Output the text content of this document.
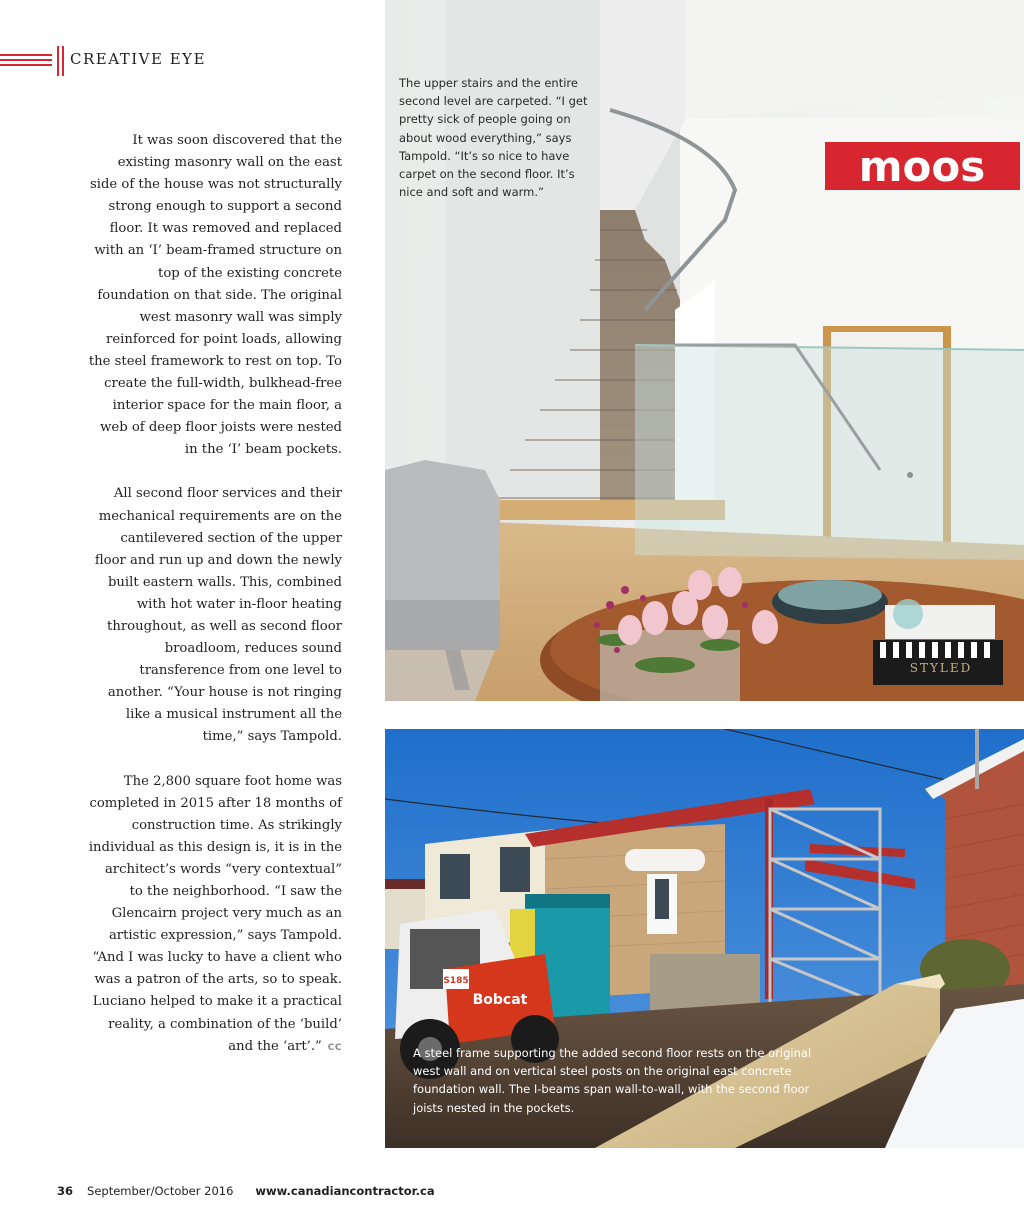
CREATIVE EYE

It was soon discovered that the existing masonry wall on the east side of the house was not structurally strong enough to support a second floor. It was removed and replaced with an ‘I’ beam-framed structure on top of the existing concrete foundation on that side. The original west masonry wall was simply reinforced for point loads, allowing the steel framework to rest on top. To create the full-width, bulkhead-free interior space for the main floor, a web of deep floor joists were nested in the ‘I’ beam pockets.

All second floor services and their mechanical requirements are on the cantilevered section of the upper floor and run up and down the newly built eastern walls. This, combined with hot water in-floor heating throughout, as well as second floor broadloom, reduces sound transference from one level to another. “Your house is not ringing like a musical instrument all the time,” says Tampold.

The 2,800 square foot home was completed in 2015 after 18 months of construction time. As strikingly individual as this design is, it is in the architect’s words “very contextual” to the neighborhood. “I saw the Glencairn project very much as an artistic expression,” says Tampold. “And I was lucky to have a client who was a patron of the arts, so to speak. Luciano helped to make it a practical reality, a combination of the ‘build’ and the ‘art’.” CC

moos
STYLED
The upper stairs and the entire second level are carpeted. “I get pretty sick of people going on about wood everything,” says Tampold. “It’s so nice to have carpet on the second floor. It’s nice and soft and warm.”
Bobcat
S185
A steel frame supporting the added second floor rests on the original west wall and on vertical steel posts on the original east concrete foundation wall. The I-beams span wall-to-wall, with the second floor joists nested in the pockets.
36 September/October 2016 www.canadiancontractor.ca
